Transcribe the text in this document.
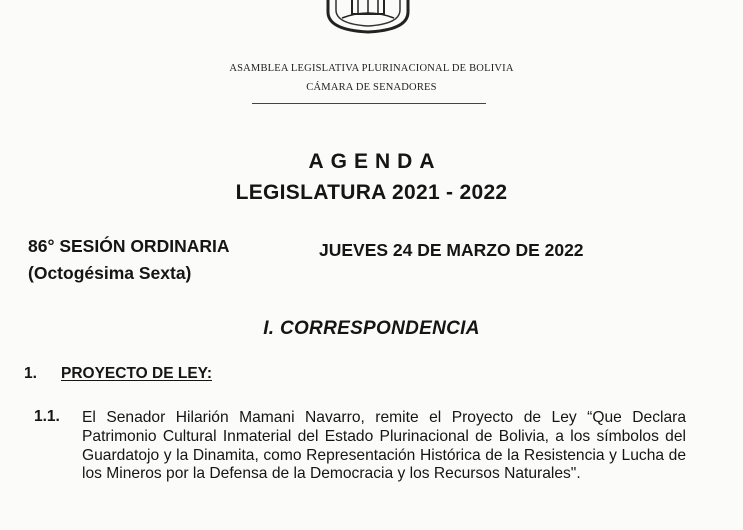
ASAMBLEA LEGISLATIVA PLURINACIONAL DE BOLIVIA
CÁMARA DE SENADORES
AGENDA
LEGISLATURA 2021 - 2022
86° SESIÓN ORDINARIA
(Octogésima Sexta)
JUEVES 24 DE MARZO DE 2022
I. CORRESPONDENCIA
1. PROYECTO DE LEY:
1.1. El Senador Hilarión Mamani Navarro, remite el Proyecto de Ley “Que Declara Patrimonio Cultural Inmaterial del Estado Plurinacional de Bolivia, a los símbolos del Guardatojo y la Dinamita, como Representación Histórica de la Resistencia y Lucha de los Mineros por la Defensa de la Democracia y los Recursos Naturales".
